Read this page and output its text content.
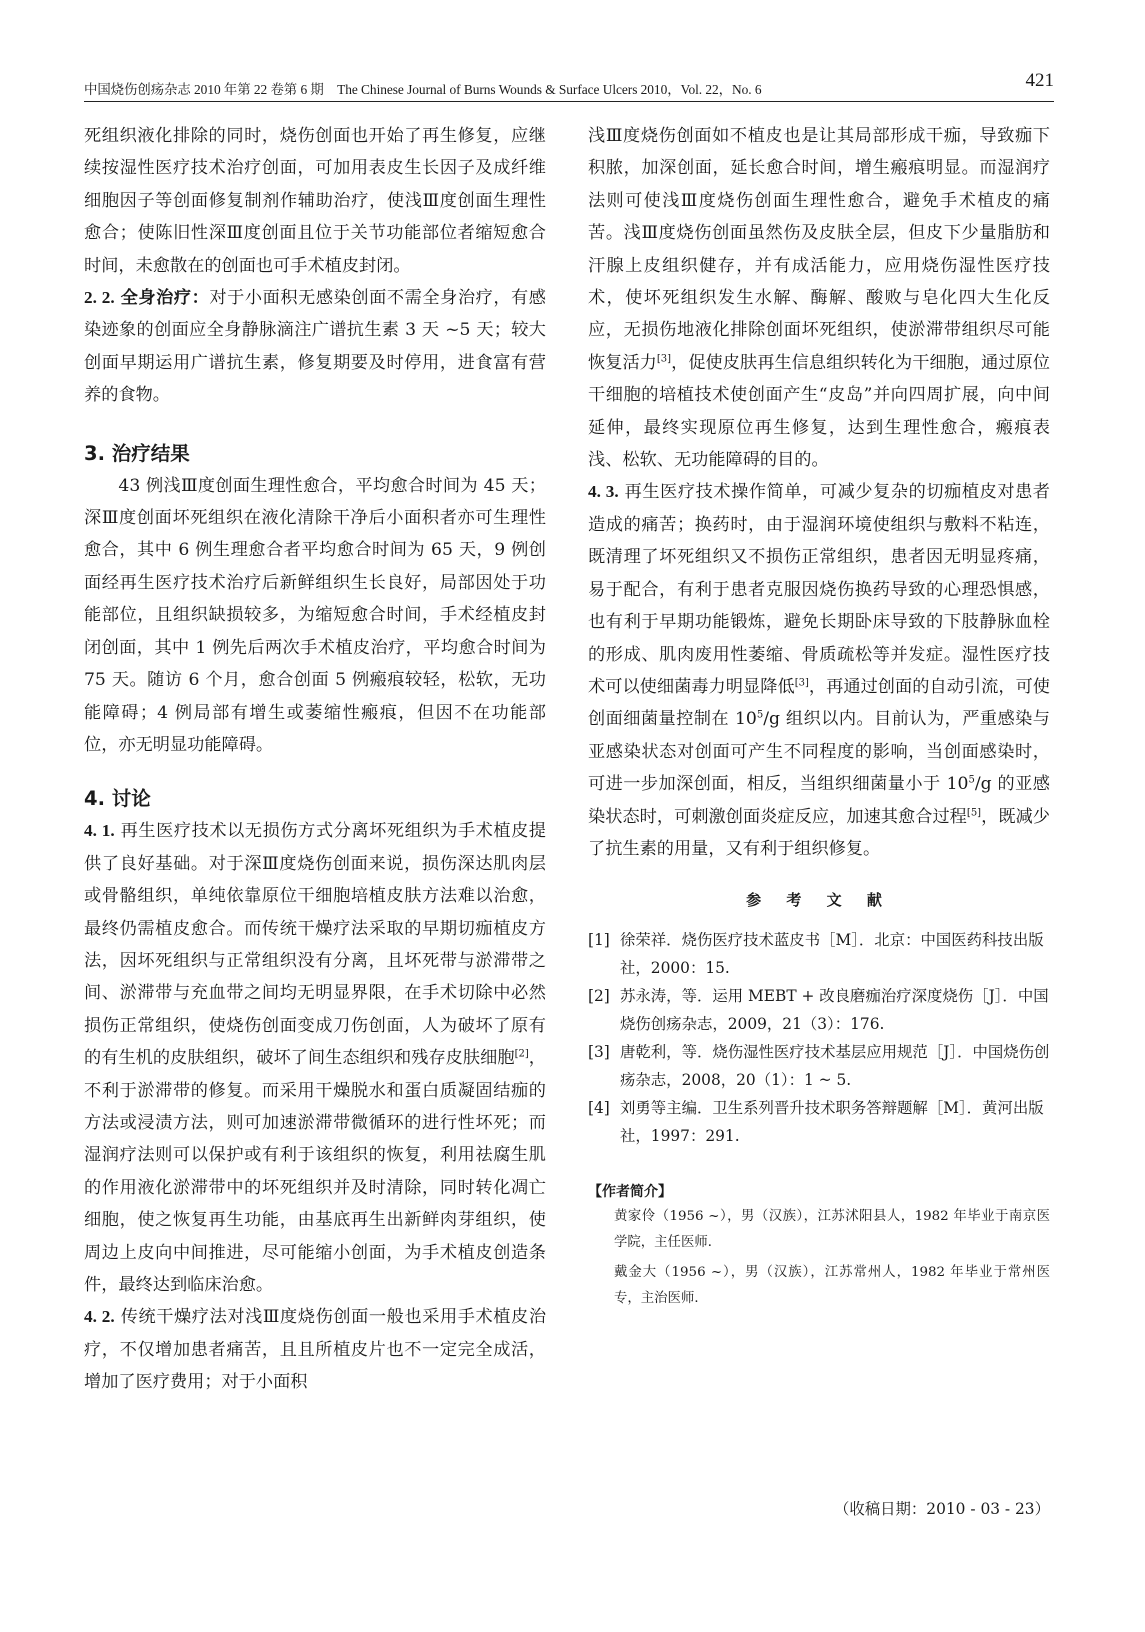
中国烧伤创疡杂志 2010 年第 22 卷第 6 期　The Chinese Journal of Burns Wounds & Surface Ulcers 2010，Vol. 22，No. 6	421

死组织液化排除的同时，烧伤创面也开始了再生修复，应继续按湿性医疗技术治疗创面，可加用表皮生长因子及成纤维细胞因子等创面修复制剂作辅助治疗，使浅Ⅲ度创面生理性愈合；使陈旧性深Ⅲ度创面且位于关节功能部位者缩短愈合时间，未愈散在的创面也可手术植皮封闭。

2. 2. 全身治疗：对于小面积无感染创面不需全身治疗，有感染迹象的创面应全身静脉滴注广谱抗生素 3 天 ~5 天；较大创面早期运用广谱抗生素，修复期要及时停用，进食富有营养的食物。

3. 治疗结果

43 例浅Ⅲ度创面生理性愈合，平均愈合时间为 45 天；深Ⅲ度创面坏死组织在液化清除干净后小面积者亦可生理性愈合，其中 6 例生理愈合者平均愈合时间为 65 天，9 例创面经再生医疗技术治疗后新鲜组织生长良好，局部因处于功能部位，且组织缺损较多，为缩短愈合时间，手术经植皮封闭创面，其中 1 例先后两次手术植皮治疗，平均愈合时间为 75 天。随访 6 个月，愈合创面 5 例瘢痕较轻，松软，无功能障碍；4 例局部有增生或萎缩性瘢痕，但因不在功能部位，亦无明显功能障碍。

4. 讨论

4. 1. 再生医疗技术以无损伤方式分离坏死组织为手术植皮提供了良好基础。对于深Ⅲ度烧伤创面来说，损伤深达肌肉层或骨骼组织，单纯依靠原位干细胞培植皮肤方法难以治愈，最终仍需植皮愈合。而传统干燥疗法采取的早期切痂植皮方法，因坏死组织与正常组织没有分离，且坏死带与淤滞带之间、淤滞带与充血带之间均无明显界限，在手术切除中必然损伤正常组织，使烧伤创面变成刀伤创面，人为破坏了原有的有生机的皮肤组织，破坏了间生态组织和残存皮肤细胞[2]，不利于淤滞带的修复。而采用干燥脱水和蛋白质凝固结痂的方法或浸渍方法，则可加速淤滞带微循环的进行性坏死；而湿润疗法则可以保护或有利于该组织的恢复，利用祛腐生肌的作用液化淤滞带中的坏死组织并及时清除，同时转化凋亡细胞，使之恢复再生功能，由基底再生出新鲜肉芽组织，使周边上皮向中间推进，尽可能缩小创面，为手术植皮创造条件，最终达到临床治愈。

4. 2. 传统干燥疗法对浅Ⅲ度烧伤创面一般也采用手术植皮治疗，不仅增加患者痛苦，且且所植皮片也不一定完全成活，增加了医疗费用；对于小面积

浅Ⅲ度烧伤创面如不植皮也是让其局部形成干痂，导致痂下积脓，加深创面，延长愈合时间，增生瘢痕明显。而湿润疗法则可使浅Ⅲ度烧伤创面生理性愈合，避免手术植皮的痛苦。浅Ⅲ度烧伤创面虽然伤及皮肤全层，但皮下少量脂肪和汗腺上皮组织健存，并有成活能力，应用烧伤湿性医疗技术，使坏死组织发生水解、酶解、酸败与皂化四大生化反应，无损伤地液化排除创面坏死组织，使淤滞带组织尽可能恢复活力[3]，促使皮肤再生信息组织转化为干细胞，通过原位干细胞的培植技术使创面产生“皮岛”并向四周扩展，向中间延伸，最终实现原位再生修复，达到生理性愈合，瘢痕表浅、松软、无功能障碍的目的。

4. 3. 再生医疗技术操作简单，可减少复杂的切痂植皮对患者造成的痛苦；换药时，由于湿润环境使组织与敷料不粘连，既清理了坏死组织又不损伤正常组织，患者因无明显疼痛，易于配合，有利于患者克服因烧伤换药导致的心理恐惧感，也有利于早期功能锻炼，避免长期卧床导致的下肢静脉血栓的形成、肌肉废用性萎缩、骨质疏松等并发症。湿性医疗技术可以使细菌毒力明显降低[3]，再通过创面的自动引流，可使创面细菌量控制在 $10^5/g$ 组织以内。目前认为，严重感染与亚感染状态对创面可产生不同程度的影响，当创面感染时，可进一步加深创面，相反，当组织细菌量小于 $10^5/g$ 的亚感染状态时，可刺激创面炎症反应，加速其愈合过程[5]，既减少了抗生素的用量，又有利于组织修复。

参 考 文 献
[1] 徐荣祥．烧伤医疗技术蓝皮书［M］．北京：中国医药科技出版社，2000：15.
[2] 苏永涛，等．运用 MEBT + 改良磨痂治疗深度烧伤［J］．中国烧伤创疡杂志，2009，21（3）：176.
[3] 唐乾利，等．烧伤湿性医疗技术基层应用规范［J］．中国烧伤创疡杂志，2008，20（1）：1 ~ 5.
[4] 刘勇等主编．卫生系列晋升技术职务答辩题解［M］．黄河出版社，1997：291.

【作者简介】

黄家伶（1956 ~），男（汉族），江苏沭阳县人，1982 年毕业于南京医学院，主任医师．

戴金大（1956 ~），男（汉族），江苏常州人，1982 年毕业于常州医专，主治医师．

（收稿日期：2010 - 03 - 23）
